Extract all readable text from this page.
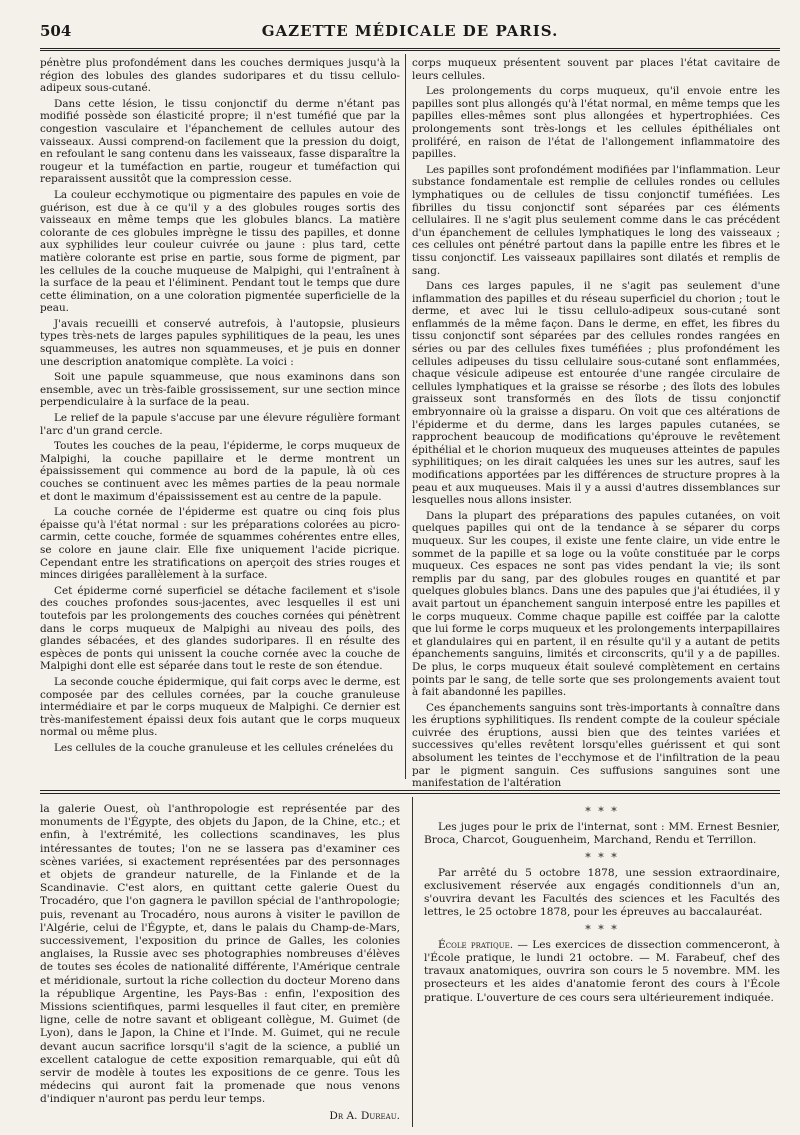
504	GAZETTE MÉDICALE DE PARIS.

pénètre plus profondément dans les couches dermiques jusqu'à la région des lobules des glandes sudoripares et du tissu cellulo-adipeux sous-cutané.

Dans cette lésion, le tissu conjonctif du derme n'étant pas modifié possède son élasticité propre; il n'est tuméfié que par la congestion vasculaire et l'épanchement de cellules autour des vaisseaux. Aussi comprend-on facilement que la pression du doigt, en refoulant le sang contenu dans les vaisseaux, fasse disparaître la rougeur et la tuméfaction en partie, rougeur et tuméfaction qui reparaissent aussitôt que la compression cesse.

La couleur ecchymotique ou pigmentaire des papules en voie de guérison, est due à ce qu'il y a des globules rouges sortis des vaisseaux en même temps que les globules blancs. La matière colorante de ces globules imprègne le tissu des papilles, et donne aux syphilides leur couleur cuivrée ou jaune : plus tard, cette matière colorante est prise en partie, sous forme de pigment, par les cellules de la couche muqueuse de Malpighi, qui l'entraînent à la surface de la peau et l'éliminent. Pendant tout le temps que dure cette élimination, on a une coloration pigmentée superficielle de la peau.

J'avais recueilli et conservé autrefois, à l'autopsie, plusieurs types très-nets de larges papules syphilitiques de la peau, les unes squammeuses, les autres non squammeuses, et je puis en donner une description anatomique complète. La voici :

Soit une papule squammeuse, que nous examinons dans son ensemble, avec un très-faible grossissement, sur une section mince perpendiculaire à la surface de la peau.

Le relief de la papule s'accuse par une élevure régulière formant l'arc d'un grand cercle.

Toutes les couches de la peau, l'épiderme, le corps muqueux de Malpighi, la couche papillaire et le derme montrent un épaississement qui commence au bord de la papule, là où ces couches se continuent avec les mêmes parties de la peau normale et dont le maximum d'épaississement est au centre de la papule.

La couche cornée de l'épiderme est quatre ou cinq fois plus épaisse qu'à l'état normal : sur les préparations colorées au picro-carmin, cette couche, formée de squammes cohérentes entre elles, se colore en jaune clair. Elle fixe uniquement l'acide picrique. Cependant entre les stratifications on aperçoit des stries rouges et minces dirigées parallèlement à la surface.

Cet épiderme corné superficiel se détache facilement et s'isole des couches profondes sous-jacentes, avec lesquelles il est uni toutefois par les prolongements des couches cornées qui pénètrent dans le corps muqueux de Malpighi au niveau des poils, des glandes sébacées, et des glandes sudoripares. Il en résulte des espèces de ponts qui unissent la couche cornée avec la couche de Malpighi dont elle est séparée dans tout le reste de son étendue.

La seconde couche épidermique, qui fait corps avec le derme, est composée par des cellules cornées, par la couche granuleuse intermédiaire et par le corps muqueux de Malpighi. Ce dernier est très-manifestement épaissi deux fois autant que le corps muqueux normal ou même plus.

Les cellules de la couche granuleuse et les cellules crénelées du

corps muqueux présentent souvent par places l'état cavitaire de leurs cellules.

Les prolongements du corps muqueux, qu'il envoie entre les papilles sont plus allongés qu'à l'état normal, en même temps que les papilles elles-mêmes sont plus allongées et hypertrophiées. Ces prolongements sont très-longs et les cellules épithéliales ont proliféré, en raison de l'état de l'allongement inflammatoire des papilles.

Les papilles sont profondément modifiées par l'inflammation. Leur substance fondamentale est remplie de cellules rondes ou cellules lymphatiques ou de cellules de tissu conjonctif tuméfiées. Les fibrilles du tissu conjonctif sont séparées par ces éléments cellulaires. Il ne s'agit plus seulement comme dans le cas précédent d'un épanchement de cellules lymphatiques le long des vaisseaux ; ces cellules ont pénétré partout dans la papille entre les fibres et le tissu conjonctif. Les vaisseaux papillaires sont dilatés et remplis de sang.

Dans ces larges papules, il ne s'agit pas seulement d'une inflammation des papilles et du réseau superficiel du chorion ; tout le derme, et avec lui le tissu cellulo-adipeux sous-cutané sont enflammés de la même façon. Dans le derme, en effet, les fibres du tissu conjonctif sont séparées par des cellules rondes rangées en séries ou par des cellules fixes tuméfiées ; plus profondément les cellules adipeuses du tissu cellulaire sous-cutané sont enflammées, chaque vésicule adipeuse est entourée d'une rangée circulaire de cellules lymphatiques et la graisse se résorbe ; des îlots des lobules graisseux sont transformés en des îlots de tissu conjonctif embryonnaire où la graisse a disparu. On voit que ces altérations de l'épiderme et du derme, dans les larges papules cutanées, se rapprochent beaucoup de modifications qu'éprouve le revêtement épithélial et le chorion muqueux des muqueuses atteintes de papules syphilitiques; on les dirait calquées les unes sur les autres, sauf les modifications apportées par les différences de structure propres à la peau et aux muqueuses. Mais il y a aussi d'autres dissemblances sur lesquelles nous allons insister.

Dans la plupart des préparations des papules cutanées, on voit quelques papilles qui ont de la tendance à se séparer du corps muqueux. Sur les coupes, il existe une fente claire, un vide entre le sommet de la papille et sa loge ou la voûte constituée par le corps muqueux. Ces espaces ne sont pas vides pendant la vie; ils sont remplis par du sang, par des globules rouges en quantité et par quelques globules blancs. Dans une des papules que j'ai étudiées, il y avait partout un épanchement sanguin interposé entre les papilles et le corps muqueux. Comme chaque papille est coiffée par la calotte que lui forme le corps muqueux et les prolongements interpapillaires et glandulaires qui en partent, il en résulte qu'il y a autant de petits épanchements sanguins, limités et circonscrits, qu'il y a de papilles. De plus, le corps muqueux était soulevé complètement en certains points par le sang, de telle sorte que ses prolongements avaient tout à fait abandonné les papilles.

Ces épanchements sanguins sont très-importants à connaître dans les éruptions syphilitiques. Ils rendent compte de la couleur spéciale cuivrée des éruptions, aussi bien que des teintes variées et successives qu'elles revêtent lorsqu'elles guérissent et qui sont absolument les teintes de l'ecchymose et de l'infiltration de la peau par le pigment sanguin. Ces suffusions sanguines sont une manifestation de l'altération

la galerie Ouest, où l'anthropologie est représentée par des monuments de l'Égypte, des objets du Japon, de la Chine, etc.; et enfin, à l'extrémité, les collections scandinaves, les plus intéressantes de toutes; l'on ne se lassera pas d'examiner ces scènes variées, si exactement représentées par des personnages et objets de grandeur naturelle, de la Finlande et de la Scandinavie. C'est alors, en quittant cette galerie Ouest du Trocadéro, que l'on gagnera le pavillon spécial de l'anthropologie; puis, revenant au Trocadéro, nous aurons à visiter le pavillon de l'Algérie, celui de l'Égypte, et, dans le palais du Champ-de-Mars, successivement, l'exposition du prince de Galles, les colonies anglaises, la Russie avec ses photographies nombreuses d'élèves de toutes ses écoles de nationalité différente, l'Amérique centrale et méridionale, surtout la riche collection du docteur Moreno dans la république Argentine, les Pays-Bas : enfin, l'exposition des Missions scientifiques, parmi lesquelles il faut citer, en première ligne, celle de notre savant et obligeant collègue, M. Guimet (de Lyon), dans le Japon, la Chine et l'Inde. M. Guimet, qui ne recule devant aucun sacrifice lorsqu'il s'agit de la science, a publié un excellent catalogue de cette exposition remarquable, qui eût dû servir de modèle à toutes les expositions de ce genre. Tous les médecins qui auront fait la promenade que nous venons d'indiquer n'auront pas perdu leur temps.

Dr A. Dureau.

* * *

Les juges pour le prix de l'internat, sont : MM. Ernest Besnier, Broca, Charcot, Gouguenheim, Marchand, Rendu et Terrillon.

* * *

Par arrêté du 5 octobre 1878, une session extraordinaire, exclusivement réservée aux engagés conditionnels d'un an, s'ouvrira devant les Facultés des sciences et les Facultés des lettres, le 25 octobre 1878, pour les épreuves au baccalauréat.

* * *

École pratique. — Les exercices de dissection commenceront, à l'École pratique, le lundi 21 octobre. — M. Farabeuf, chef des travaux anatomiques, ouvrira son cours le 5 novembre. MM. les prosecteurs et les aides d'anatomie feront des cours à l'École pratique. L'ouverture de ces cours sera ultérieurement indiquée.
